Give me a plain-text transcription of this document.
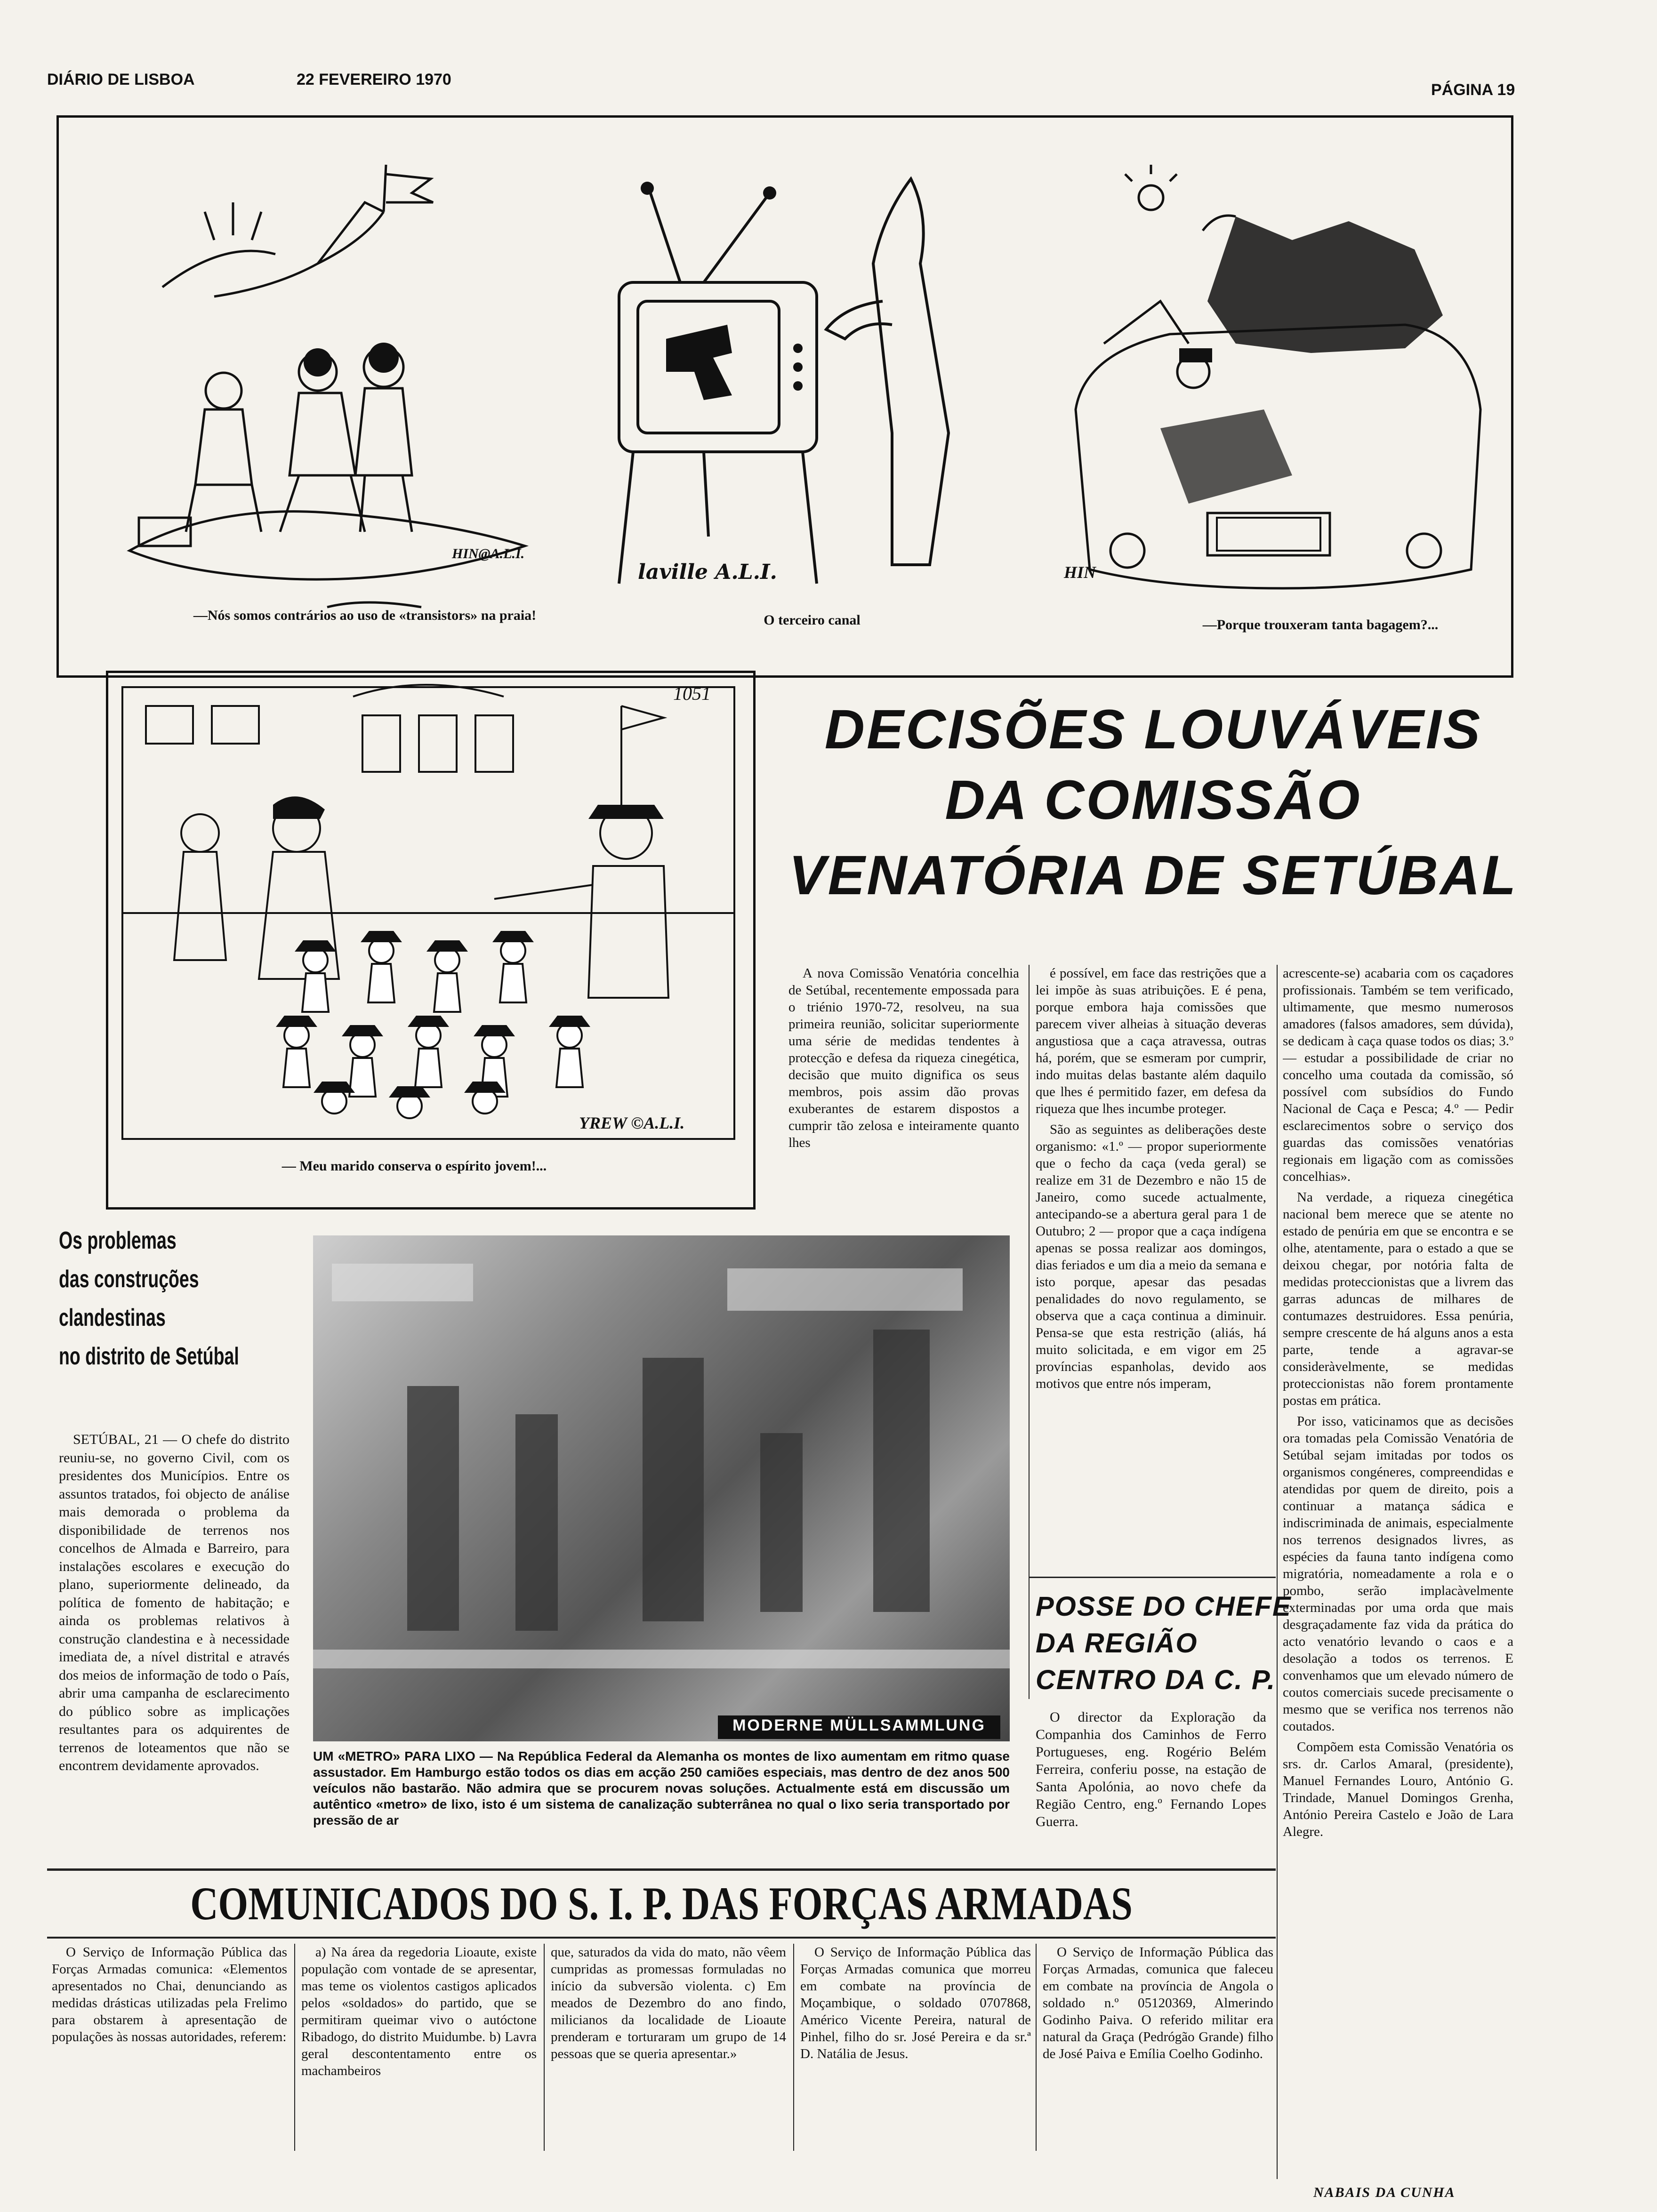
DIÁRIO DE LISBOA	22 FEVEREIRO 1970
PÁGINA 19
HIN@A.L.I.
—Nós somos contrários ao uso de «transistors» na praia!
laville A.L.I.
O terceiro canal
HIN
—Porque trouxeram tanta bagagem?...
1051
YREW ©A.L.I.
— Meu marido conserva o espírito jovem!...
DECISÕES LOUVÁVEIS
DA COMISSÃO
VENATÓRIA DE SETÚBAL

A nova Comissão Venatória concelhia de Setúbal, recentemente empossada para o triénio 1970-72, resolveu, na sua primeira reunião, solicitar superiormente uma série de medidas tendentes à protecção e defesa da riqueza cinegética, decisão que muito dignifica os seus membros, pois assim dão provas exuberantes de estarem dispostos a cumprir tão zelosa e inteiramente quanto lhes

é possível, em face das restrições que a lei impõe às suas atribuições. E é pena, porque embora haja comissões que parecem viver alheias à situação deveras angustiosa que a caça atravessa, outras há, porém, que se esmeram por cumprir, indo muitas delas bastante além daquilo que lhes é permitido fazer, em defesa da riqueza que lhes incumbe proteger.

São as seguintes as deliberações deste organismo: «1.º — propor superiormente que o fecho da caça (veda geral) se realize em 31 de Dezembro e não 15 de Janeiro, como sucede actualmente, antecipando-se a abertura geral para 1 de Outubro; 2 — propor que a caça indígena apenas se possa realizar aos domingos, dias feriados e um dia a meio da semana e isto porque, apesar das pesadas penalidades do novo regulamento, se observa que a caça continua a diminuir. Pensa-se que esta restrição (aliás, há muito solicitada, e em vigor em 25 províncias espanholas, devido aos motivos que entre nós imperam,

acrescente-se) acabaria com os caçadores profissionais. Também se tem verificado, ultimamente, que mesmo numerosos amadores (falsos amadores, sem dúvida), se dedicam à caça quase todos os dias; 3.º — estudar a possibilidade de criar no concelho uma coutada da comissão, só possível com subsídios do Fundo Nacional de Caça e Pesca; 4.º — Pedir esclarecimentos sobre o serviço dos guardas das comissões venatórias regionais em ligação com as comissões concelhias».

Na verdade, a riqueza cinegética nacional bem merece que se atente no estado de penúria em que se encontra e se olhe, atentamente, para o estado a que se deixou chegar, por notória falta de medidas proteccionistas que a livrem das garras aduncas de milhares de contumazes destruidores. Essa penúria, sempre crescente de há alguns anos a esta parte, tende a agravar-se consideràvelmente, se medidas proteccionistas não forem prontamente postas em prática.

Por isso, vaticinamos que as decisões ora tomadas pela Comissão Venatória de Setúbal sejam imitadas por todos os organismos congéneres, compreendidas e atendidas por quem de direito, pois a continuar a matança sádica e indiscriminada de animais, especialmente nos terrenos designados livres, as espécies da fauna tanto indígena como migratória, nomeadamente a rola e o pombo, serão implacàvelmente exterminadas por uma orda que mais desgraçadamente faz vida da prática do acto venatório levando o caos e a desolação a todos os terrenos. E convenhamos que um elevado número de coutos comerciais sucede precisamente o mesmo que se verifica nos terrenos não coutados.

Compõem esta Comissão Venatória os srs. dr. Carlos Amaral, (presidente), Manuel Fernandes Louro, António G. Trindade, Manuel Domingos Grenha, António Pereira Castelo e João de Lara Alegre.

NABAIS DA CUNHA
Os problemas
das construções
clandestinas
no distrito de Setúbal

SETÚBAL, 21 — O chefe do distrito reuniu-se, no governo Civil, com os presidentes dos Municípios. Entre os assuntos tratados, foi objecto de análise mais demorada o problema da disponibilidade de terrenos nos concelhos de Almada e Barreiro, para instalações escolares e execução do plano, superiormente delineado, da política de fomento de habitação; e ainda os problemas relativos à construção clandestina e à necessidade imediata de, a nível distrital e através dos meios de informação de todo o País, abrir uma campanha de esclarecimento do público sobre as implicações resultantes para os adquirentes de terrenos de loteamentos que não se encontrem devidamente aprovados.

MODERNE MÜLLSAMMLUNG
UM «METRO» PARA LIXO — Na República Federal da Alemanha os montes de lixo aumentam em ritmo quase assustador. Em Hamburgo estão todos os dias em acção 250 camiões especiais, mas dentro de dez anos 500 veículos não bastarão. Não admira que se procurem novas soluções. Actualmente está em discussão um autêntico «metro» de lixo, isto é um sistema de canalização subterrânea no qual o lixo seria transportado por pressão de ar
POSSE DO CHEFE
DA REGIÃO
CENTRO DA C. P.

O director da Exploração da Companhia dos Caminhos de Ferro Portugueses, eng. Rogério Belém Ferreira, conferiu posse, na estação de Santa Apolónia, ao novo chefe da Região Centro, eng.º Fernando Lopes Guerra.

COMUNICADOS DO S. I. P. DAS FORÇAS ARMADAS

O Serviço de Informação Pública das Forças Armadas comunica: «Elementos apresentados no Chai, denunciando as medidas drásticas utilizadas pela Frelimo para obstarem à apresentação de populações às nossas autoridades, referem:

a) Na área da regedoria Lioaute, existe população com vontade de se apresentar, mas teme os violentos castigos aplicados pelos «soldados» do partido, que se permitiram queimar vivo o autóctone Ribadogo, do distrito Muidumbe. b) Lavra geral descontentamento entre os machambeiros

que, saturados da vida do mato, não vêem cumpridas as promessas formuladas no início da subversão violenta. c) Em meados de Dezembro do ano findo, milicianos da localidade de Lioaute prenderam e torturaram um grupo de 14 pessoas que se queria apresentar.»

O Serviço de Informação Pública das Forças Armadas comunica que morreu em combate na província de Moçambique, o soldado 0707868, Américo Vicente Pereira, natural de Pinhel, filho do sr. José Pereira e da sr.ª D. Natália de Jesus.

O Serviço de Informação Pública das Forças Armadas, comunica que faleceu em combate na província de Angola o soldado n.º 05120369, Almerindo Godinho Paiva. O referido militar era natural da Graça (Pedrógão Grande) filho de José Paiva e Emília Coelho Godinho.
